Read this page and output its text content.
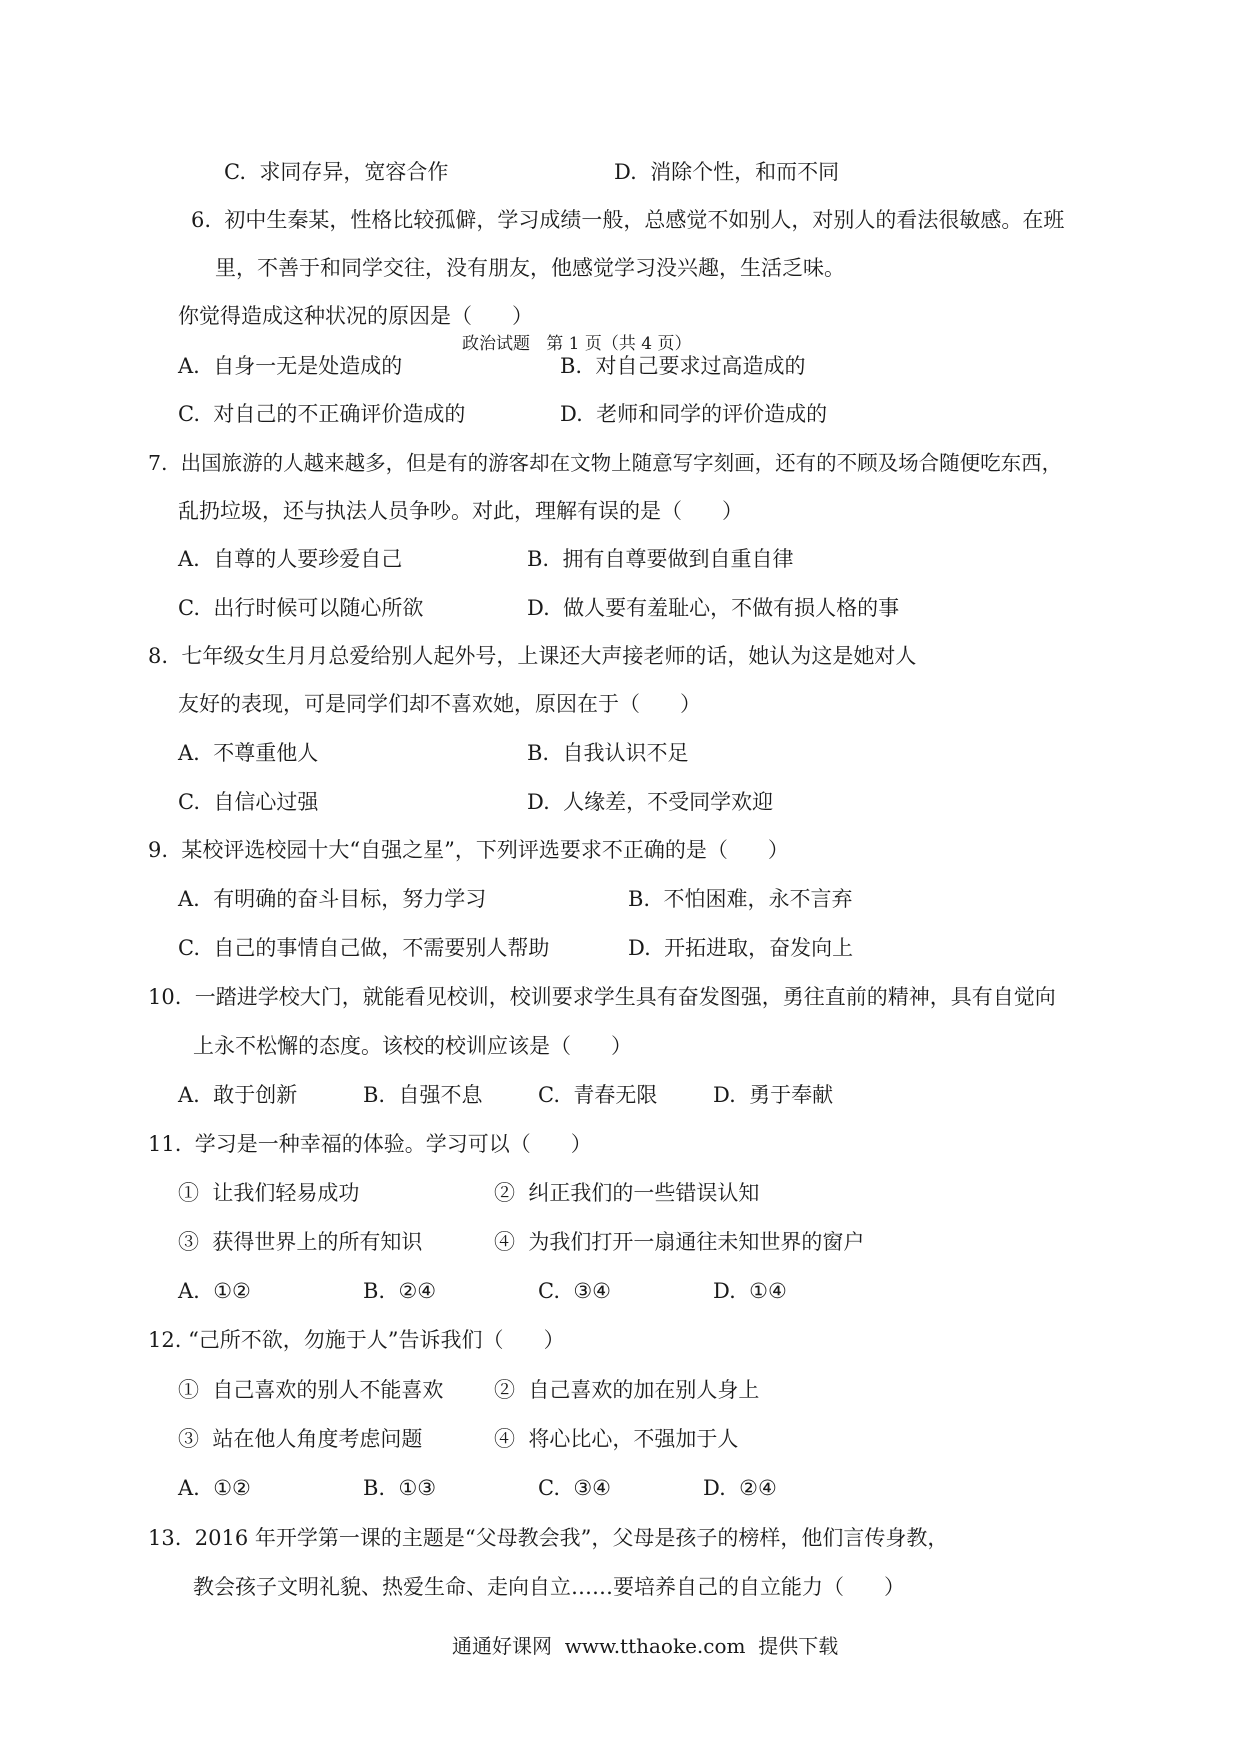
C.  求同存异，宽容合作	D.  消除个性，和而不同
6.  初中生秦某，性格比较孤僻，学习成绩一般，总感觉不如别人，对别人的看法很敏感。在班
里，不善于和同学交往，没有朋友，他感觉学习没兴趣，生活乏味。
你觉得造成这种状况的原因是（      ）
政治试题   第 1 页（共 4 页）
A.  自身一无是处造成的	B.  对自己要求过高造成的
C.  对自己的不正确评价造成的	D.  老师和同学的评价造成的
7.  出国旅游的人越来越多，但是有的游客却在文物上随意写字刻画，还有的不顾及场合随便吃东西，
乱扔垃圾，还与执法人员争吵。对此，理解有误的是（      ）
A.  自尊的人要珍爱自己	B.  拥有自尊要做到自重自律
C.  出行时候可以随心所欲	D.  做人要有羞耻心，不做有损人格的事
8.  七年级女生月月总爱给别人起外号，上课还大声接老师的话，她认为这是她对人
友好的表现，可是同学们却不喜欢她，原因在于（      ）
A.  不尊重他人	B.  自我认识不足
C.  自信心过强	D.  人缘差，不受同学欢迎
9.  某校评选校园十大“自强之星”，下列评选要求不正确的是（      ）
A.  有明确的奋斗目标，努力学习	B.  不怕困难，永不言弃
C.  自己的事情自己做，不需要别人帮助	D.  开拓进取，奋发向上
10.  一踏进学校大门，就能看见校训，校训要求学生具有奋发图强，勇往直前的精神，具有自觉向
上永不松懈的态度。该校的校训应该是（      ）
A.  敢于创新	B.  自强不息	C.  青春无限	D.  勇于奉献
11.  学习是一种幸福的体验。学习可以（      ）
①  让我们轻易成功	②  纠正我们的一些错误认知
③  获得世界上的所有知识	④  为我们打开一扇通往未知世界的窗户
A.  ①②	B.  ②④	C.  ③④	D.  ①④
12. “己所不欲，勿施于人”告诉我们（      ）
①  自己喜欢的别人不能喜欢 ②  自己喜欢的加在别人身上
③  站在他人角度考虑问题	④  将心比心，不强加于人
A.  ①②	B.  ①③	C.  ③④	D.  ②④
13.  2016 年开学第一课的主题是“父母教会我”，父母是孩子的榜样，他们言传身教，
教会孩子文明礼貌、热爱生命、走向自立……要培养自己的自立能力（      ）
通通好课网  www.tthaoke.com  提供下载
